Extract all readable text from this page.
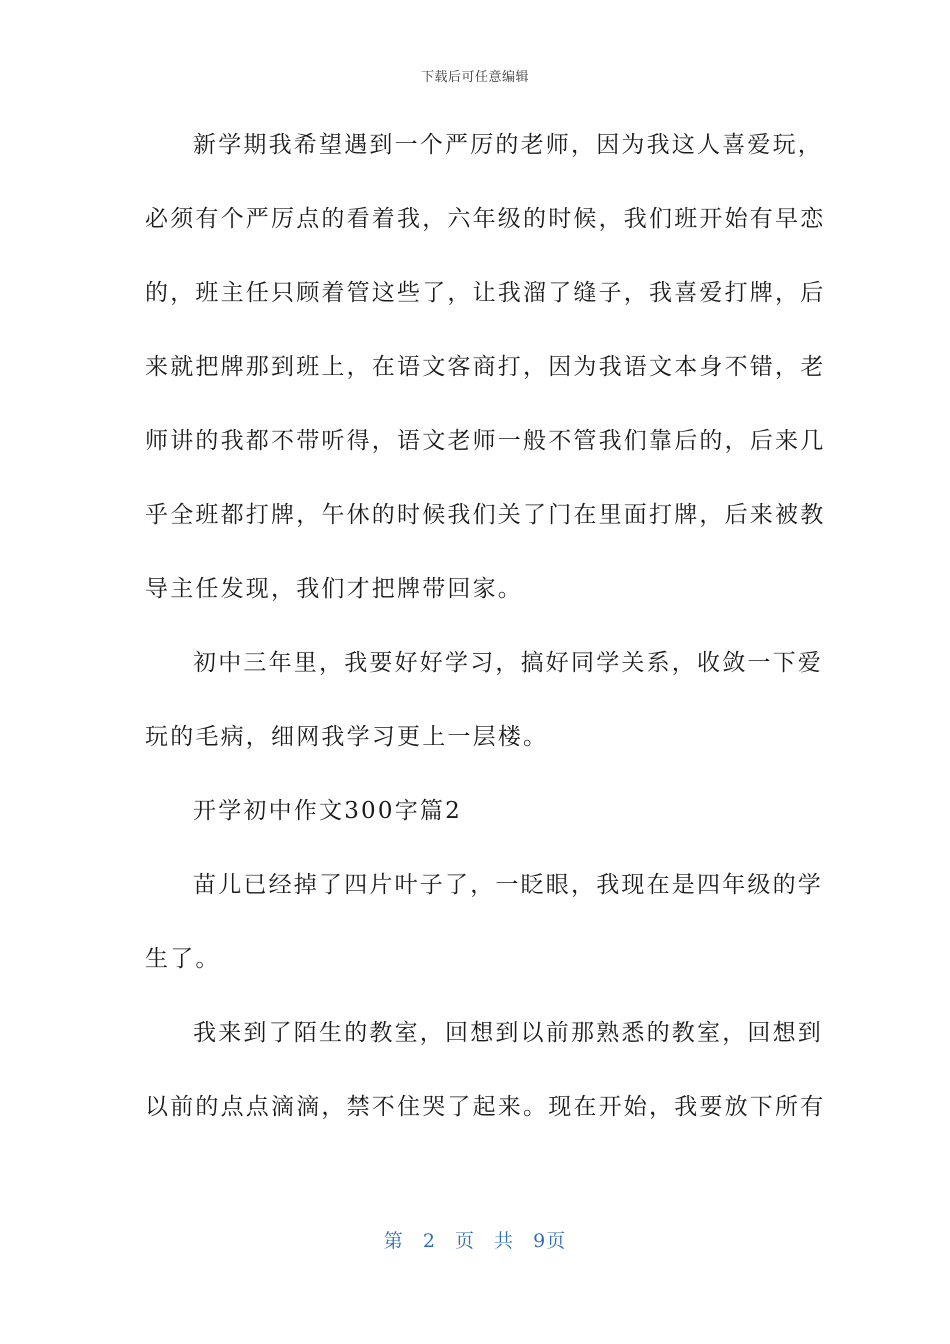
下载后可任意编辑
新学期我希望遇到一个严厉的老师，因为我这人喜爱玩，
必须有个严厉点的看着我，六年级的时候，我们班开始有早恋
的，班主任只顾着管这些了，让我溜了缝子，我喜爱打牌，后
来就把牌那到班上，在语文客商打，因为我语文本身不错，老
师讲的我都不带听得，语文老师一般不管我们靠后的，后来几
乎全班都打牌，午休的时候我们关了门在里面打牌，后来被教
导主任发现，我们才把牌带回家。
初中三年里，我要好好学习，搞好同学关系，收敛一下爱
玩的毛病，细网我学习更上一层楼。
开学初中作文300字篇2
苗儿已经掉了四片叶子了，一眨眼，我现在是四年级的学
生了。
我来到了陌生的教室，回想到以前那熟悉的教室，回想到
以前的点点滴滴，禁不住哭了起来。现在开始，我要放下所有
第 2 页 共 9页
